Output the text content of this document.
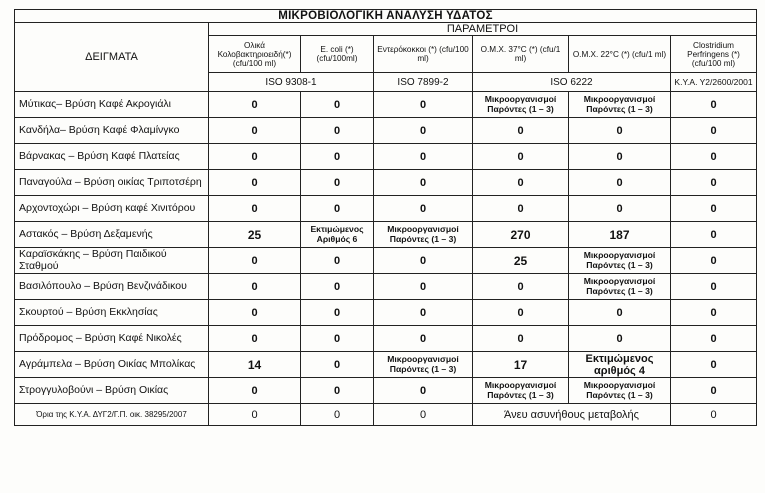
ΜΙΚΡΟΒΙΟΛΟΓΙΚΗ ΑΝΑΛΥΣΗ ΥΔΑΤΟΣ						
ΔΕΙΓΜΑΤΑ	ΠΑΡΑΜΕΤΡΟΙ					
	Ολικά Κολοβακτηριοειδή(*) (cfu/100 ml)	E. coli (*) (cfu/100ml)	Εντερόκοκκοι (*) (cfu/100 ml)	Ο.Μ.Χ. 37°C (*) (cfu/1 ml)	Ο.Μ.Χ. 22°C (*) (cfu/1 ml)	Clostridium Perfringens (*) (cfu/100 ml)
	ISO 9308-1		ISO 7899-2	ISO 6222		Κ.Υ.Α. Υ2/2600/2001
Μύτικας– Βρύση Καφέ Ακρογιάλι	0	0	0	Μικροοργανισμοί Παρόντες (1 – 3)	Μικροοργανισμοί Παρόντες (1 – 3)	0
Κανδήλα– Βρύση Καφέ Φλαμίνγκο	0	0	0	0	0	0
Βάρνακας – Βρύση Καφέ Πλατείας	0	0	0	0	0	0
Παναγούλα – Βρύση οικίας Τριποτσέρη	0	0	0	0	0	0
Αρχοντοχώρι – Βρύση καφέ Χινιτόρου	0	0	0	0	0	0
Αστακός – Βρύση Δεξαμενής	25	Εκτιμώμενος Αριθμός 6	Μικροοργανισμοί Παρόντες (1 – 3)	270	187	0
Καραϊσκάκης – Βρύση Παιδικού Σταθμού	0	0	0	25	Μικροοργανισμοί Παρόντες (1 – 3)	0
Βασιλόπουλο – Βρύση Βενζινάδικου	0	0	0	0	Μικροοργανισμοί Παρόντες (1 – 3)	0
Σκουρτού – Βρύση Εκκλησίας	0	0	0	0	0	0
Πρόδρομος – Βρύση Καφέ Νικολές	0	0	0	0	0	0
Αγράμπελα – Βρύση Οικίας Μπολίκας	14	0	Μικροοργανισμοί Παρόντες (1 – 3)	17	Εκτιμώμενος αριθμός 4	0
Στρογγυλοβούνι – Βρύση Οικίας	0	0	0	Μικροοργανισμοί Παρόντες (1 – 3)	Μικροοργανισμοί Παρόντες (1 – 3)	0
Όρια της Κ.Υ.Α. ΔΥΓ2/Γ.Π. οικ. 38295/2007	0	0	0	Άνευ ασυνήθους μεταβολής		0
